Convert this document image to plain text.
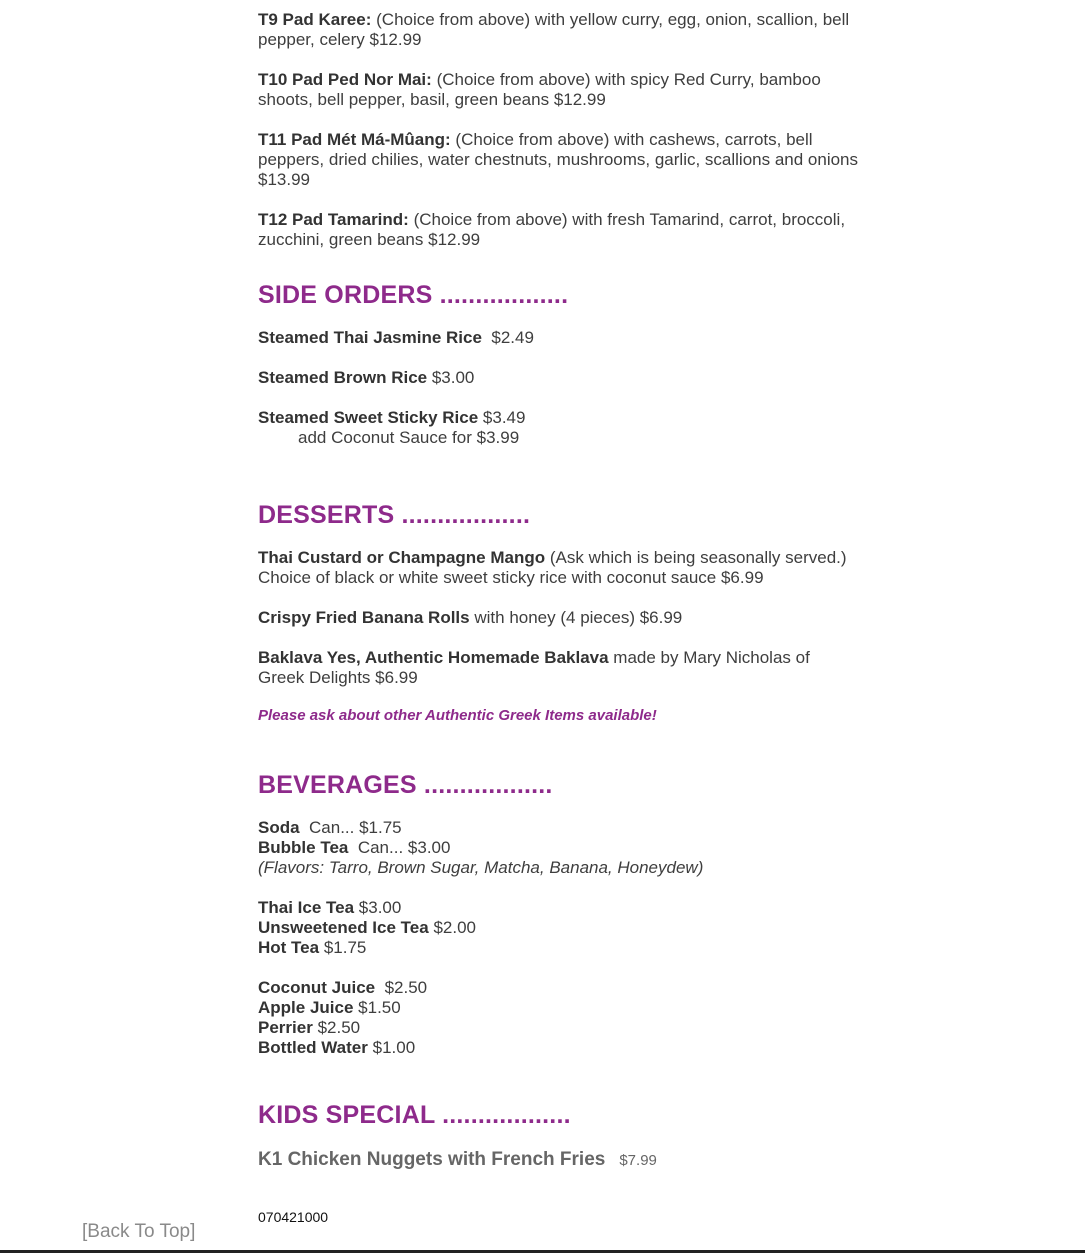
T9 Pad Karee: (Choice from above) with yellow curry, egg, onion, scallion, bell pepper, celery $12.99

T10 Pad Ped Nor Mai: (Choice from above) with spicy Red Curry, bamboo shoots, bell pepper, basil, green beans $12.99

T11 Pad Mét Má-Mûang: (Choice from above) with cashews, carrots, bell peppers, dried chilies, water chestnuts, mushrooms, garlic, scallions and onions $13.99

T12 Pad Tamarind: (Choice from above) with fresh Tamarind, carrot, broccoli, zucchini, green beans $12.99

SIDE ORDERS ..................

Steamed Thai Jasmine Rice $2.49

Steamed Brown Rice $3.00

Steamed Sweet Sticky Rice $3.49
add Coconut Sauce for $3.99
DESSERTS ..................

Thai Custard or Champagne Mango (Ask which is being seasonally served.) Choice of black or white sweet sticky rice with coconut sauce $6.99

Crispy Fried Banana Rolls with honey (4 pieces) $6.99

Baklava Yes, Authentic Homemade Baklava made by Mary Nicholas of Greek Delights $6.99

Please ask about other Authentic Greek Items available!
BEVERAGES ..................
Soda Can... $1.75
Bubble Tea Can... $3.00
(Flavors: Tarro, Brown Sugar, Matcha, Banana, Honeydew)
Thai Ice Tea $3.00
Unsweetened Ice Tea $2.00
Hot Tea $1.75
Coconut Juice $2.50
Apple Juice $1.50
Perrier $2.50
Bottled Water $1.00
KIDS SPECIAL ..................

K1 Chicken Nuggets with French Fries $7.99

070421000
[Back To Top]
